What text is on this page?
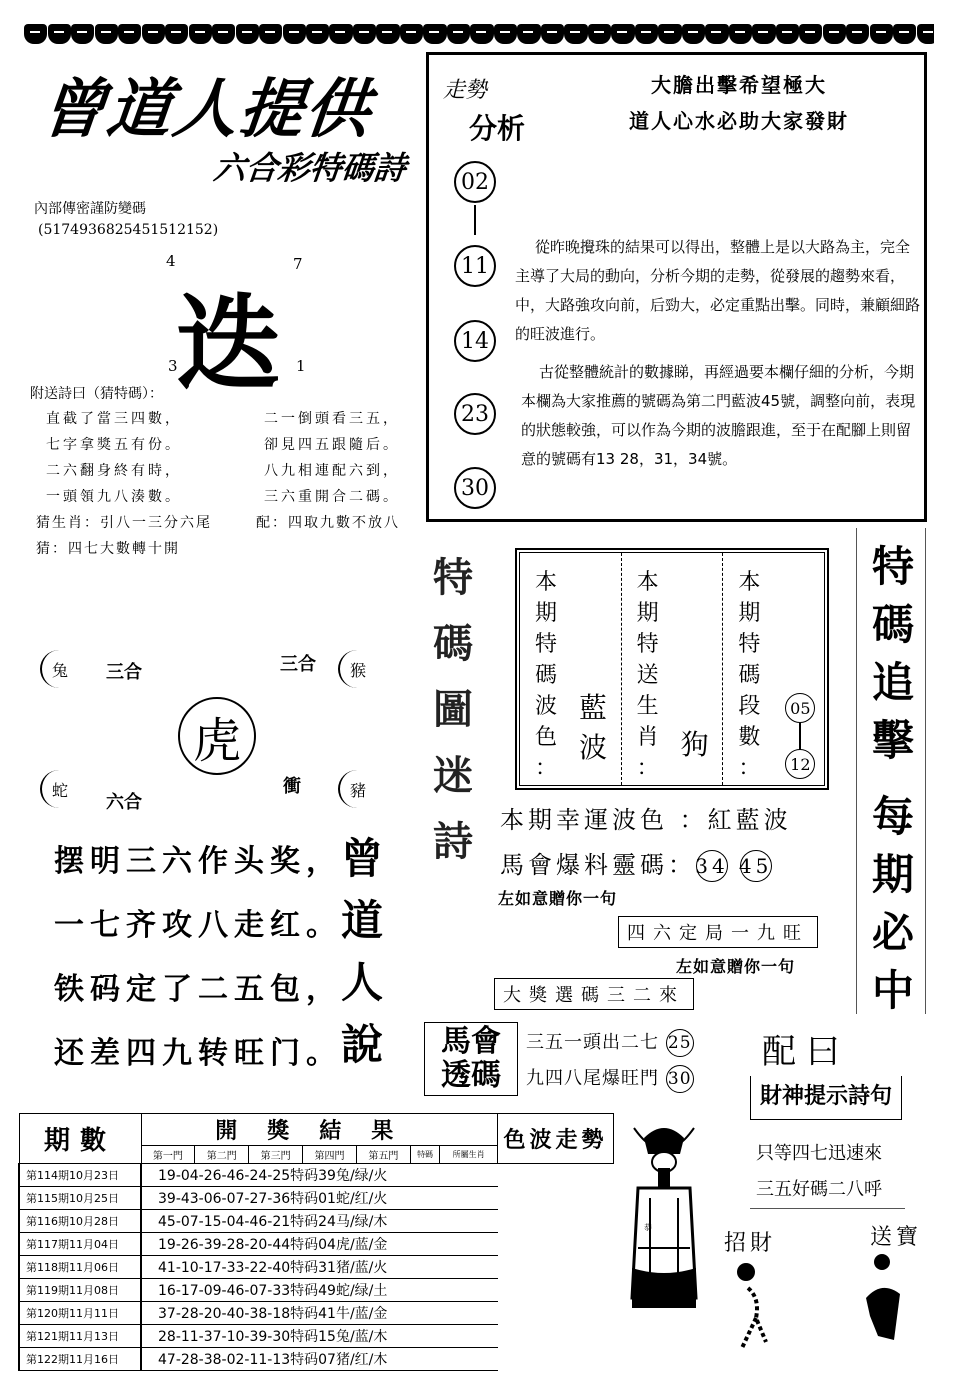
曾道人提供
六合彩特碼詩
內部傳密謹防變碼
(5174936825451512152)
4	7
迭
3	1
附送詩曰（猜特碼）：
直截了當三四數，
七字拿獎五有份。
二六翻身終有時，
一頭領九八湊數。
二一倒頭看三五，
卻見四五跟隨后。
八九相連配六到，
三六重開合二碼。
猜生肖：引八一三分六尾	配：四取九數不放八
猜：四七大數轉十開
兔	三合	三合	猴
虎
蛇
六合
衝	豬
摆明三六作头奖，
一七齐攻八走红。
铁码定了二五包，
还差四九转旺门。
曾
道
人
說
走勢
分析
大膽出擊希望極大
道人心水必助大家發財
02
11
14
23
30
從昨晚攪珠的結果可以得出，整體上是以大路為主，完全主導了大局的動向，分析今期的走勢，從發展的趨勢來看，中，大路強攻向前，后勁大，必定重點出擊。同時，兼顧細路的旺波進行。
古從整體統計的數據睇，再經過要本欄仔細的分析，今期本欄為大家推薦的號碼為第二門藍波45號，調整向前，表現的狀態較強，可以作為今期的波膽跟進，至于在配腳上則留意的號碼有13 28，31，34號。
特
碼
圖
迷
詩
本
期
特
碼
波
色
：
藍
波
本
期
特
送
生
肖
：
狗
本
期
特
碼
段
數
：
05
12
本期幸運波色 ：紅藍波
馬會爆料靈碼：34 45
左如意贈你一句
四六定局一九旺
左如意贈你一句
大獎選碼三二來
特
碼
追
擊
每
期
必
中
馬會
透碼
三五一頭出二七 25
九四八尾爆旺門 30
配曰
財神提示詩句
只等四七迅速來
三五好碼二八呼
招財	送寶
恭
期數	開獎結果							色波走勢
	第一門	第二門	第三門	第四門	第五門	特碼	所屬生肖	
第114期10月23日	19-04-26-46-24-25特码39兔/绿/火							
第115期10月25日	39-43-06-07-27-36特码01蛇/红/火							
第116期10月28日	45-07-15-04-46-21特码24马/绿/木							
第117期11月04日	19-26-39-28-20-44特码04虎/蓝/金							
第118期11月06日	41-10-17-33-22-40特码31猪/蓝/火							
第119期11月08日	16-17-09-46-07-33特码49蛇/绿/土							
第120期11月11日	37-28-20-40-38-18特码41牛/蓝/金							
第121期11月13日	28-11-37-10-39-30特码15兔/蓝/木							
第122期11月16日	47-28-38-02-11-13特码07猪/红/木							
